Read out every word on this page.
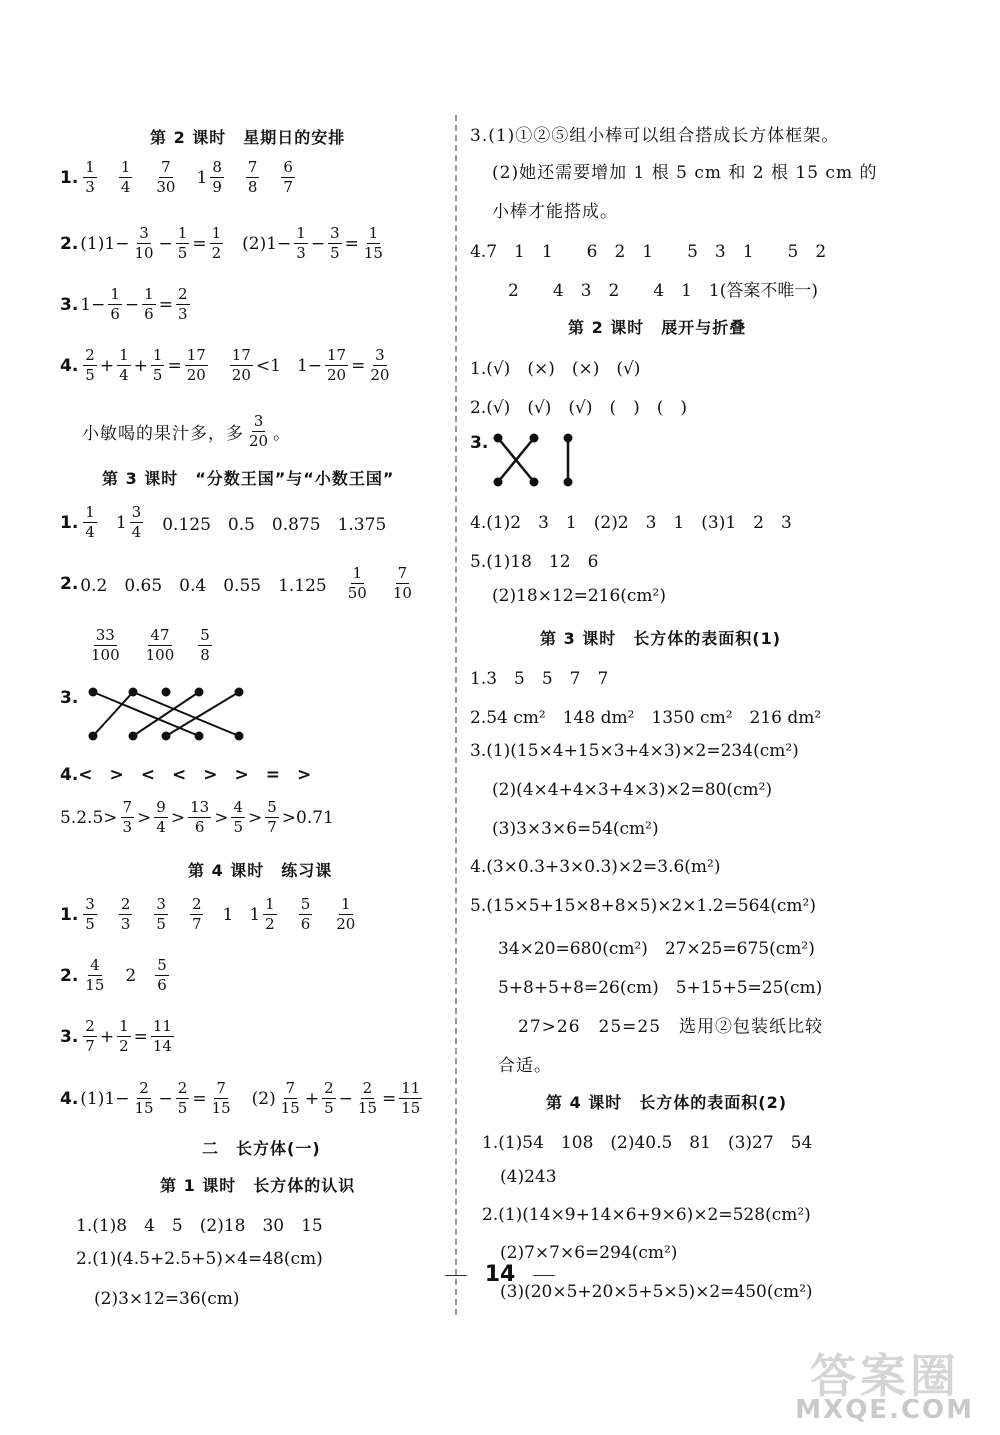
第 2 课时　星期日的安排
1. $\frac{1}{3} \frac{1}{4} \frac{7}{30} 1 \frac{8}{9} \frac{7}{8} \frac{6}{7}$
2. $(1)1- \frac{3}{10} - \frac{1}{5} = \frac{1}{2} (2)1- \frac{1}{3} - \frac{3}{5} = \frac{1}{15}$
3. $1- \frac{1}{6} - \frac{1}{6} = \frac{2}{3}$
4. $\frac{2}{5} + \frac{1}{4} + \frac{1}{5} = \frac{17}{20} \frac{17}{20} <1$ $1- \frac{17}{20} = \frac{3}{20}$
小敏喝的果汁多，多 $\frac{3}{20}$ 。
第 3 课时　“分数王国”与“小数王国”
1. $\frac{1}{4} 1 \frac{3}{4} 0.125$　0.5　0.875　1.375
2. 0.2　0.65　0.4　0.55　$1.125 \frac{1}{50} \frac{7}{10}$
$\frac{33}{100} \frac{47}{100} \frac{5}{8}$
3.
4.<　>　<　<　>　>　=　>
$5.2.5> \frac{7}{3} > \frac{9}{4} > \frac{13}{6} > \frac{4}{5} > \frac{5}{7} >0.71$
第 4 课时　练习课
1. $\frac{3}{5} \frac{2}{3} \frac{3}{5} \frac{2}{7} 1$ $1 \frac{1}{2} \frac{5}{6} \frac{1}{20}$
2. $\frac{4}{15} 2 \frac{5}{6}$
3. $\frac{2}{7} + \frac{1}{2} = \frac{11}{14}$
4. $(1)1- \frac{2}{15} - \frac{2}{5} = \frac{7}{15} (2) \frac{7}{15} + \frac{2}{5} - \frac{2}{15} = \frac{11}{15}$
二　长方体(一)
第 1 课时　长方体的认识
1.(1)8　4　5　(2)18　30　15
2.(1)(4.5+2.5+5)×4=48(cm)
(2)3×12=36(cm)
3.(1)①②⑤组小棒可以组合搭成长方体框架。
(2)她还需要增加 1 根 5 cm 和 2 根 15 cm 的
小棒才能搭成。
4.7　1　1　　6　2　1　　5　3　1　　5　2
2　　4　3　2　　4　1　1(答案不唯一)
第 2 课时　展开与折叠
1.(√)　(×)　(×)　(√)
2.(√)　(√)　(√)　(　)　(　)
3.
4.(1)2　3　1　(2)2　3　1　(3)1　2　3
5.(1)18　12　6
(2)18×12=216(cm²)
第 3 课时　长方体的表面积(1)
1.3　5　5　7　7
2.54 cm²　148 dm²　1350 cm²　216 dm²
3.(1)(15×4+15×3+4×3)×2=234(cm²)
(2)(4×4+4×3+4×3)×2=80(cm²)
(3)3×3×6=54(cm²)
4.(3×0.3+3×0.3)×2=3.6(m²)
5.(15×5+15×8+8×5)×2×1.2=564(cm²)
34×20=680(cm²)　27×25=675(cm²)
5+8+5+8=26(cm)　5+15+5=25(cm)
27>26　25=25　选用②包装纸比较
合适。
第 4 课时　长方体的表面积(2)
1.(1)54　108　(2)40.5　81　(3)27　54
(4)243
2.(1)(14×9+14×6+9×6)×2=528(cm²)
(2)7×7×6=294(cm²)
(3)(20×5+20×5+5×5)×2=450(cm²)
14
答案圈
MXQE.COM
